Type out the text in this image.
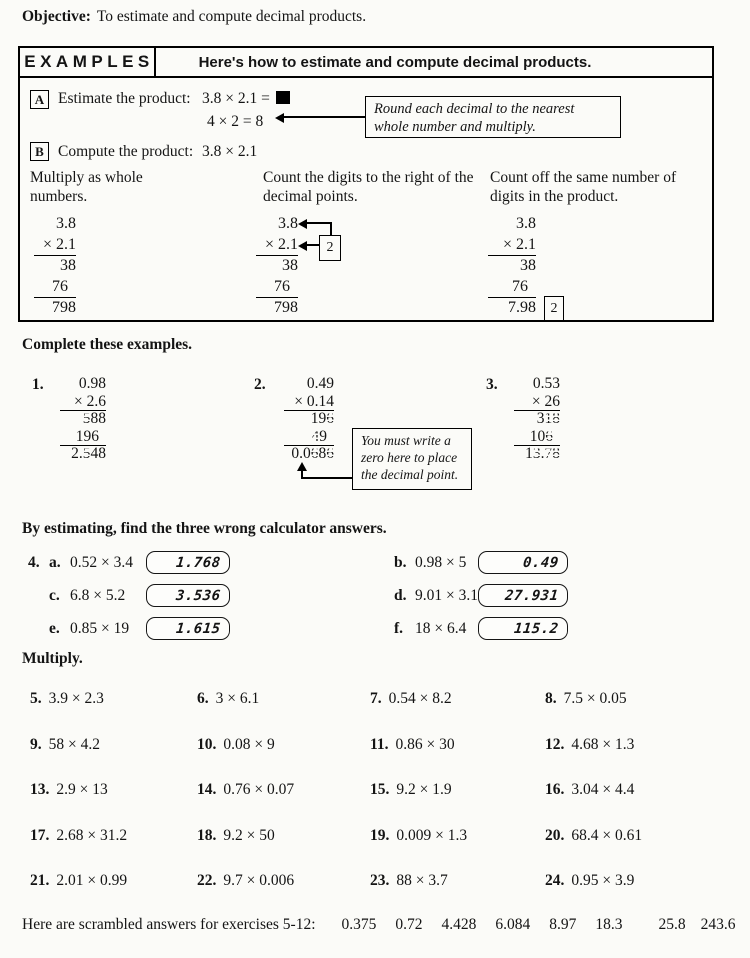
Objective: To estimate and compute decimal products.
EXAMPLES	Here's how to estimate and compute decimal products.
A Estimate the product: 3.8 × 2.1 =
4 × 2 = 8
Round each decimal to the nearest whole number and multiply.
B Compute the product: 3.8 × 2.1
Multiply as whole numbers.
Count the digits to the right of the decimal points.
Count off the same number of digits in the product.
3.8
× 2.1
38
76
798
3.8
× 2.1
38
76
798
3.8
× 2.1
38
76
7.98
2
2
Complete these examples.
1.	0.98
× 2.6
588
196
2.548
2.	0.49
× 0.14
196
49
0.0686
3.	0.53
× 26
318
106
13.78
You must write a zero here to place the decimal point.
By estimating, find the three wrong calculator answers.
4. a. 0.52 × 3.4	1.768	b. 0.98 × 5	0.49
c. 6.8 × 5.2	3.536	d. 9.01 × 3.1 27.931
e. 0.85 × 19	1.615	f. 18 × 6.4	115.2
Multiply.
5. 3.9 × 2.3	6. 3 × 6.1	7. 0.54 × 8.2	8. 7.5 × 0.05
9. 58 × 4.2	10. 0.08 × 9	11. 0.86 × 30	12. 4.68 × 1.3
13. 2.9 × 13	14. 0.76 × 0.07	15. 9.2 × 1.9	16. 3.04 × 4.4
17. 2.68 × 31.2	18. 9.2 × 50	19. 0.009 × 1.3	20. 68.4 × 0.61
21. 2.01 × 0.99	22. 9.7 × 0.006	23. 88 × 3.7	24. 0.95 × 3.9
Here are scrambled answers for exercises 5-12: 0.375 0.72 4.428 6.084 8.97 18.3 25.8 243.6
